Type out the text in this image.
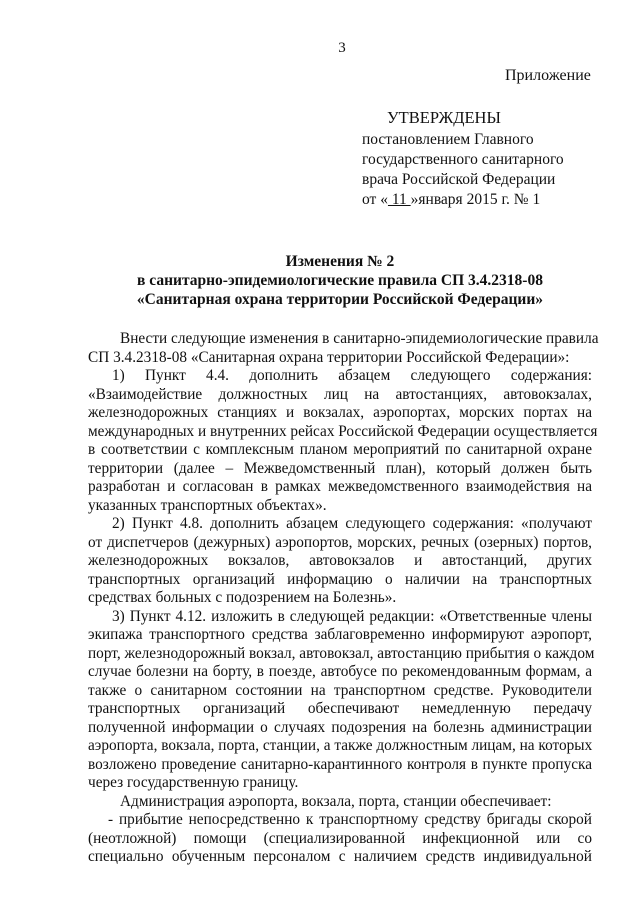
3
Приложение
УТВЕРЖДЕНЫ
постановлением Главного
государственного санитарного
врача Российской Федерации
от « 11 »января 2015 г. № 1
Изменения № 2
в санитарно-эпидемиологические правила СП 3.4.2318-08
«Санитарная охрана территории Российской Федерации»
Внести следующие изменения в санитарно-эпидемиологические правила
СП 3.4.2318-08 «Санитарная охрана территории Российской Федерации»:
1) Пункт 4.4. дополнить абзацем следующего содержания:
«Взаимодействие должностных лиц на автостанциях, автовокзалах,
железнодорожных станциях и вокзалах, аэропортах, морских портах на
международных и внутренних рейсах Российской Федерации осуществляется
в соответствии с комплексным планом мероприятий по санитарной охране
территории (далее – Межведомственный план), который должен быть
разработан и согласован в рамках межведомственного взаимодействия на
указанных транспортных объектах».
2) Пункт 4.8. дополнить абзацем следующего содержания: «получают
от диспетчеров (дежурных) аэропортов, морских, речных (озерных) портов,
железнодорожных вокзалов, автовокзалов и автостанций, других
транспортных организаций информацию о наличии на транспортных
средствах больных с подозрением на Болезнь».
3) Пункт 4.12. изложить в следующей редакции: «Ответственные члены
экипажа транспортного средства заблаговременно информируют аэропорт,
порт, железнодорожный вокзал, автовокзал, автостанцию прибытия о каждом
случае болезни на борту, в поезде, автобусе по рекомендованным формам, а
также о санитарном состоянии на транспортном средстве. Руководители
транспортных организаций обеспечивают немедленную передачу
полученной информации о случаях подозрения на болезнь администрации
аэропорта, вокзала, порта, станции, а также должностным лицам, на которых
возложено проведение санитарно-карантинного контроля в пункте пропуска
через государственную границу.
Администрация аэропорта, вокзала, порта, станции обеспечивает:
- прибытие непосредственно к транспортному средству бригады скорой
(неотложной) помощи (специализированной инфекционной или со
специально обученным персоналом с наличием средств индивидуальной
